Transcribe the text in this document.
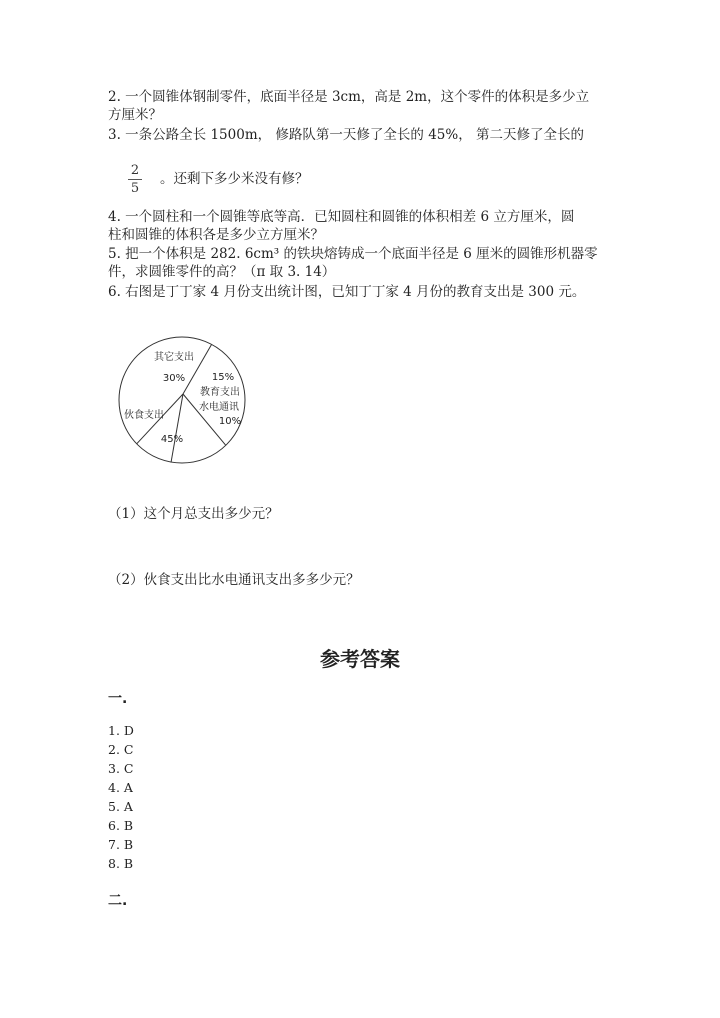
2. 一个圆锥体钢制零件，底面半径是 3cm，高是 2m，这个零件的体积是多少立
方厘米？
3. 一条公路全长 1500m， 修路队第一天修了全长的 45%， 第二天修了全长的
2
5
。还剩下多少米没有修？
4. 一个圆柱和一个圆锥等底等高．已知圆柱和圆锥的体积相差 6 立方厘米，圆
柱和圆锥的体积各是多少立方厘米？
5. 把一个体积是 282. 6cm³ 的铁块熔铸成一个底面半径是 6 厘米的圆锥形机器零
件，求圆锥零件的高？（π 取 3. 14）
6. 右图是丁丁家 4 月份支出统计图，已知丁丁家 4 月份的教育支出是 300 元。
其它支出
30%	15%
教育支出
水电通讯
10%
伙食支出
45%
（1）这个月总支出多少元？
（2）伙食支出比水电通讯支出多多少元？
参考答案
一.
1. D
2. C
3. C
4. A
5. A
6. B
7. B
8. B
二.
